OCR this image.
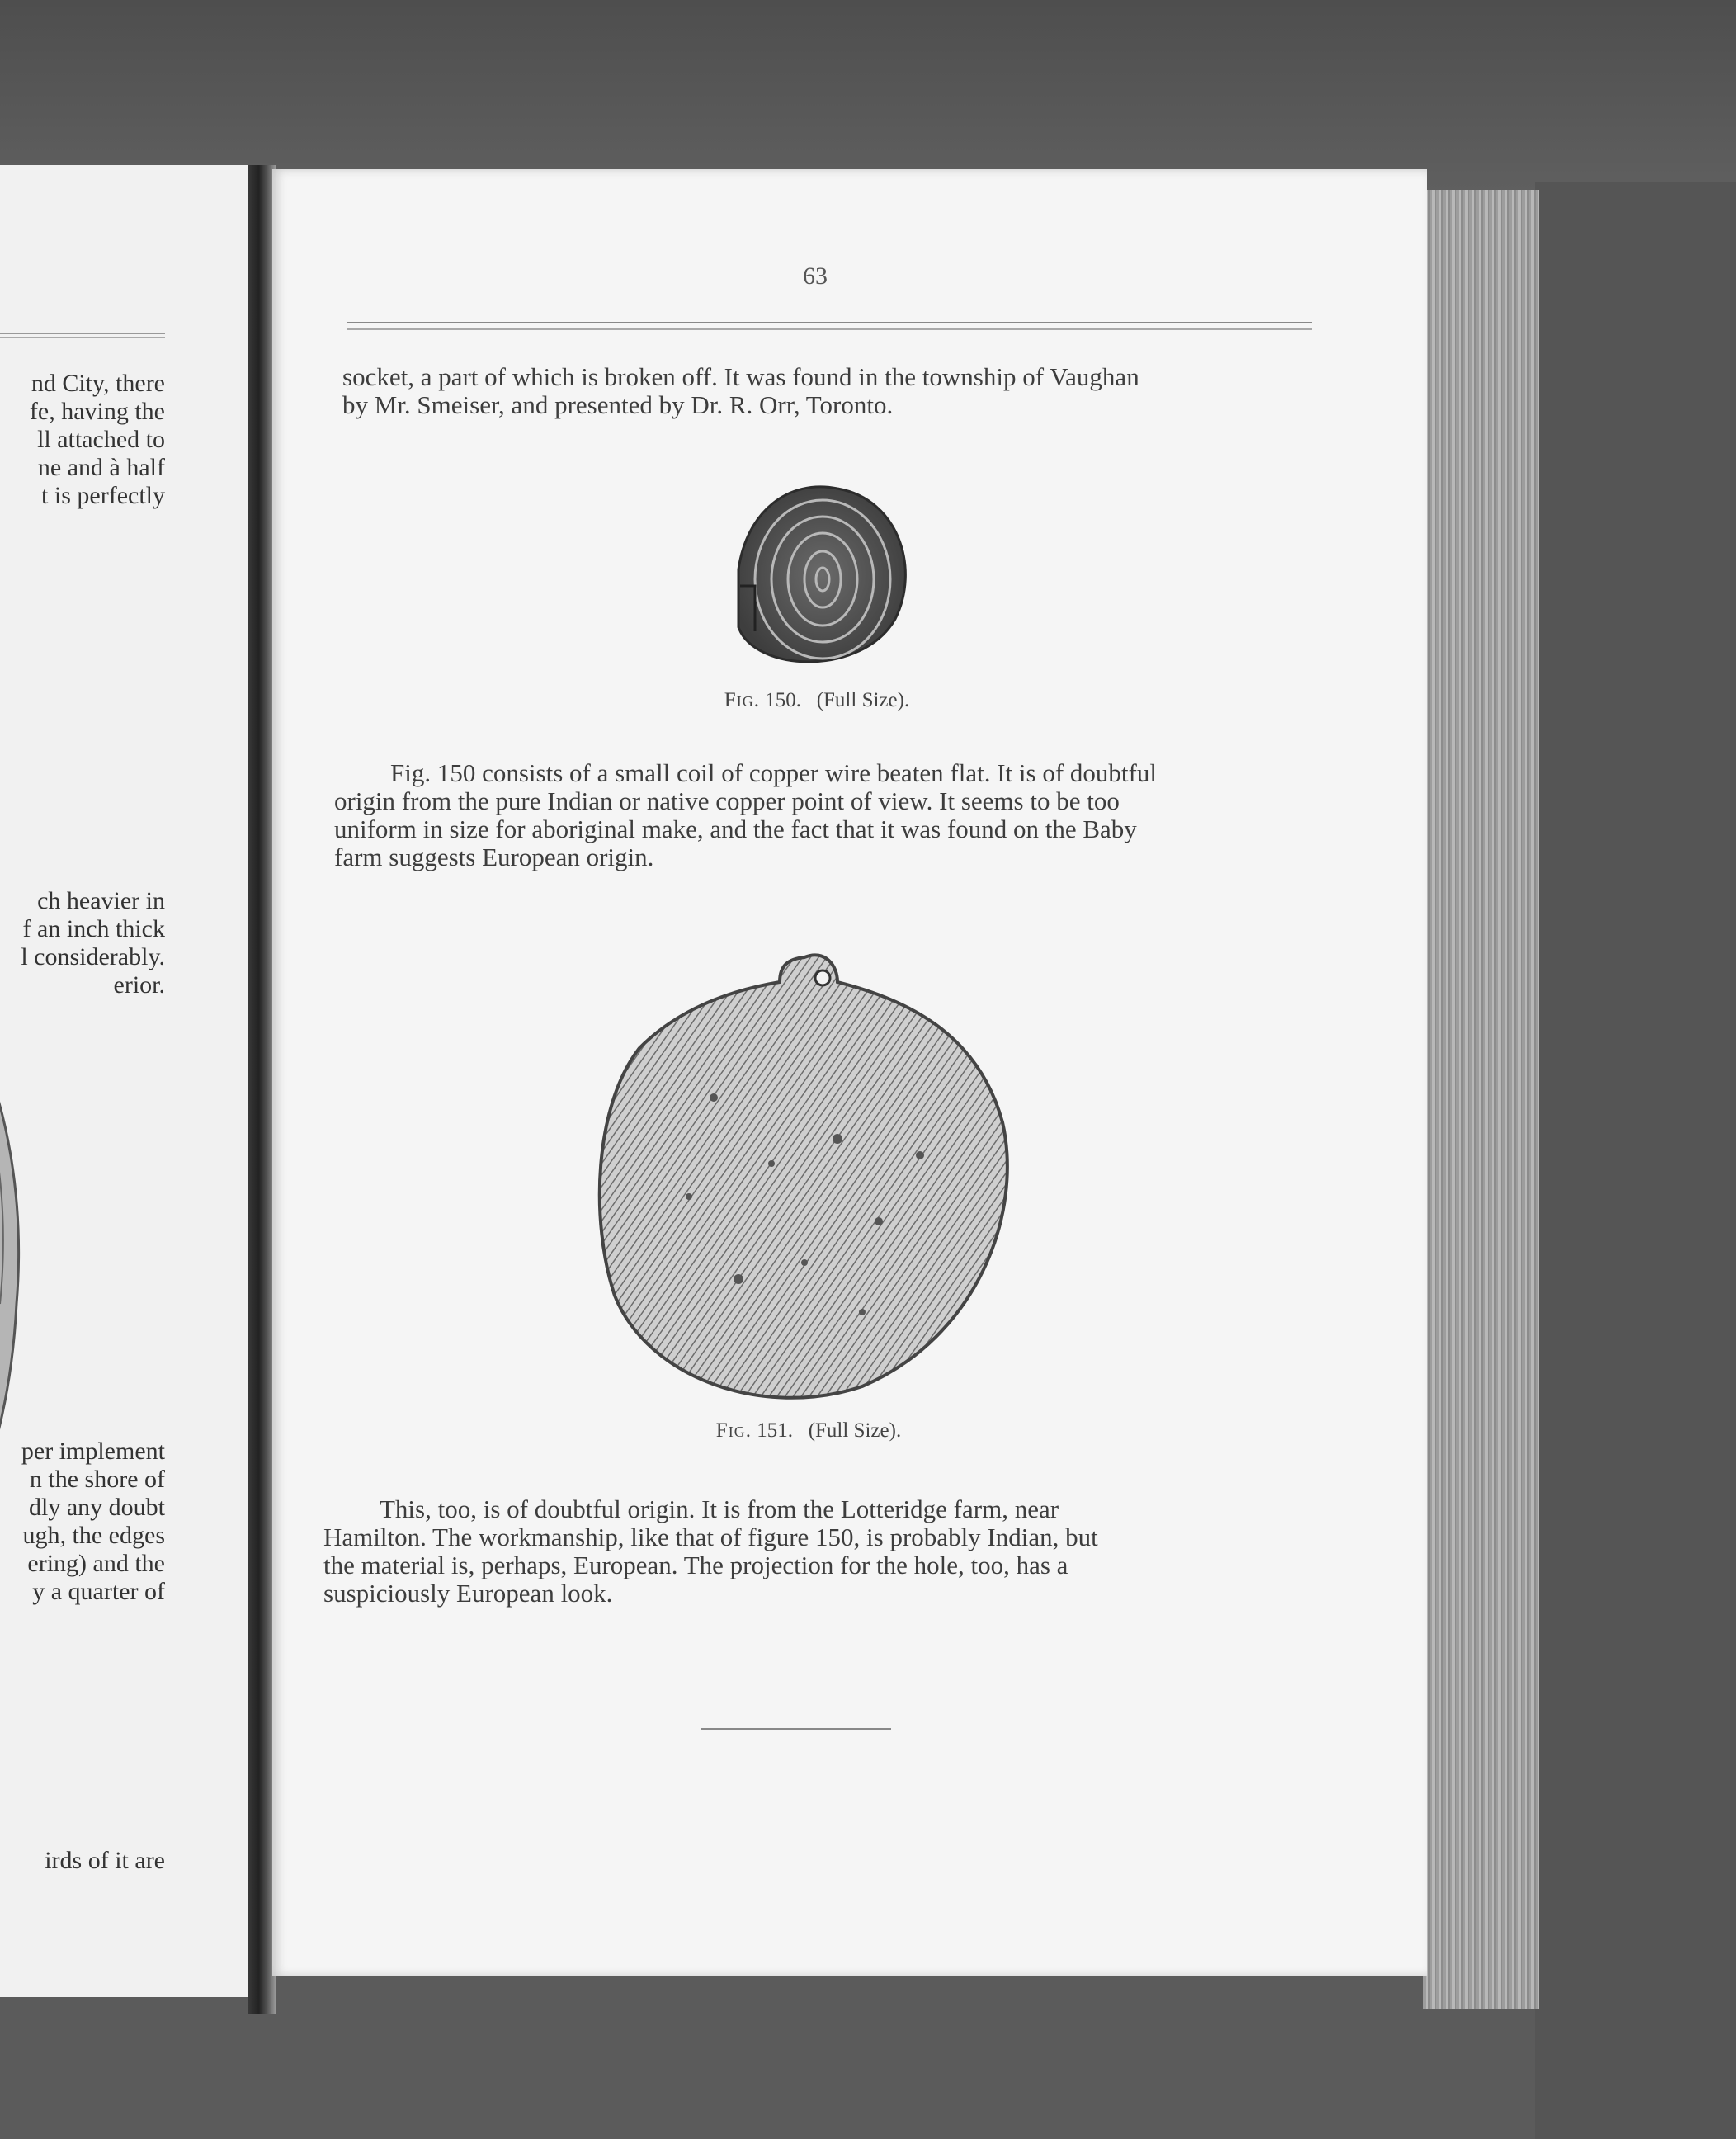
nd City, there
fe, having the
ll attached to
ne and à half
t is perfectly
ch heavier in
f an inch thick
l considerably.
erior.
per implement
n the shore of
dly any doubt
ugh, the edges
ering) and the
y a quarter of
irds of it are
63

socket, a part of which is broken off. It was found in the township of Vaughan

by Mr. Smeiser, and presented by Dr. R. Orr, Toronto.

Fig. 150. (Full Size).

Fig. 150 consists of a small coil of copper wire beaten flat. It is of doubtful

origin from the pure Indian or native copper point of view. It seems to be too

uniform in size for aboriginal make, and the fact that it was found on the Baby

farm suggests European origin.

Fig. 151. (Full Size).

This, too, is of doubtful origin. It is from the Lotteridge farm, near

Hamilton. The workmanship, like that of figure 150, is probably Indian, but

the material is, perhaps, European. The projection for the hole, too, has a

suspiciously European look.
